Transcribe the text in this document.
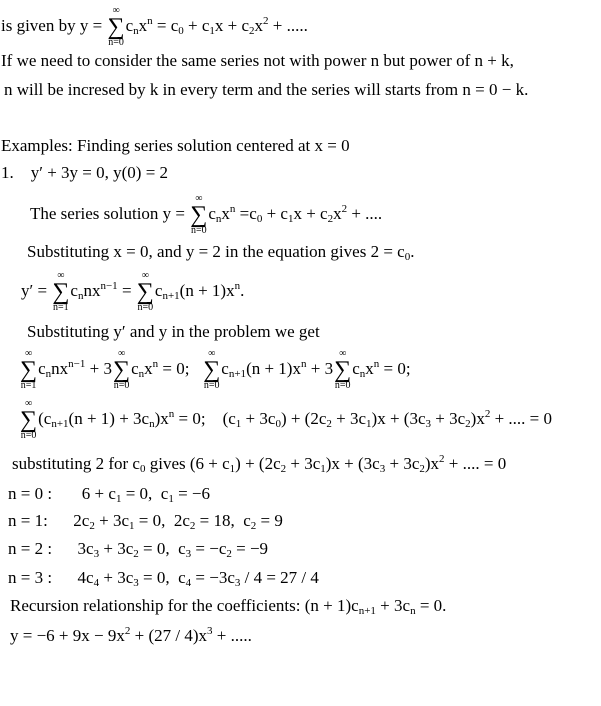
is given by y =
∞
∑
n=0
$c_nx^n = c_0 + c_1x + c_2x^2$ + .....
If we need to consider the same series not with power n but power of n + k,
n will be incresed by k in every term and the series will starts from n = 0 − k.
Examples: Finding series solution centered at x = 0
1.    y′ + 3y = 0, y(0) = 2
The series solution y =
∞
∑
n=0
$c_nx^n =c_0 + c_1x + c_2x^2$ + ....
Substituting x = 0, and y = 2 in the equation gives $2 = c_0$.
y′ =
∞
∑
n=1
$c_nnx^{n-1}$ =
∞
∑
n=0
$c_{n+1}(n + 1)x^n$.
Substituting y′ and y in the problem we get
∞
∑
n=1
$c_nnx^{n-1} + 3$
∞
∑
n=0
$c_nx^n = 0$;
∞
∑
n=0
$c_{n+1}(n + 1)x^n + 3$
∞
∑
n=0
$c_nx^n = 0$;
∞
∑
n=0
$(c_{n+1}(n + 1) + 3c_n)x^n = 0$;    $(c_1 + 3c_0) + (2c_2 + 3c_1)x + (3c_3 + 3c_2)x^2$ + .... = 0
substituting 2 for $c_0$ gives $(6 + c_1) + (2c_2 + 3c_1)x + (3c_3 + 3c_2)x^2$ + .... = 0
n = 0 :       $6 + c_1 = 0$,  $c_1 = -6$
n = 1:      $2c_2 + 3c_1 = 0$,  $2c_2 = 18$,  $c_2 = 9$
n = 2 :      $3c_3 + 3c_2 = 0$,  $c_3 = -c_2 = -9$
n = 3 :      $4c_4 + 3c_3 = 0$,  $c_4 = -3c_3 / 4 = 27 / 4$
Recursion relationship for the coefficients: $(n + 1)c_{n+1} + 3c_n = 0$.
$y = -6 + 9x - 9x^2 + (27 / 4)x^3$ + .....
